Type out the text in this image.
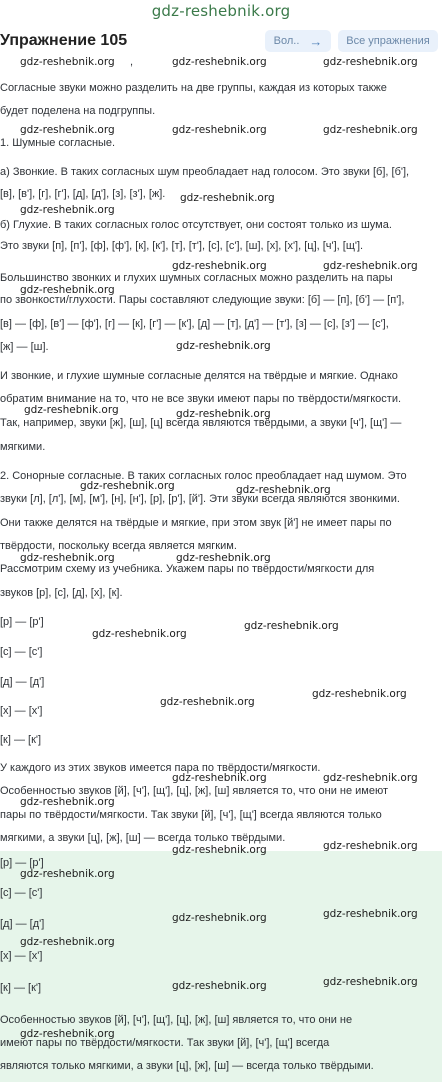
gdz-reshebnik.org
Упражнение 105	Вол.. → Все упражнения
Согласные звуки можно разделить на две группы, каждая из которых также
будет поделена на подгруппы.
1. Шумные согласные.
а) Звонкие. В таких согласных шум преобладает над голосом. Это звуки [б], [б'],
[в], [в'], [г], [г'], [д], [д'], [з], [з'], [ж].
б) Глухие. В таких согласных голос отсутствует, они состоят только из шума.
Это звуки [п], [п'], [ф], [ф'], [к], [к'], [т], [т'], [с], [с'], [ш], [х], [х'], [ц], [ч'], [щ'].
Большинство звонких и глухих шумных согласных можно разделить на пары
по звонкости/глухости. Пары составляют следующие звуки: [б] — [п], [б'] — [п'],
[в] — [ф], [в'] — [ф'], [г] — [к], [г'] — [к'], [д] — [т], [д'] — [т'], [з] — [с], [з'] — [с'],
[ж] — [ш].
И звонкие, и глухие шумные согласные делятся на твёрдые и мягкие. Однако
обратим внимание на то, что не все звуки имеют пары по твёрдости/мягкости.
Так, например, звуки [ж], [ш], [ц] всегда являются твёрдыми, а звуки [ч'], [щ'] —
мягкими.
2. Сонорные согласные. В таких согласных голос преобладает над шумом. Это
звуки [л], [л'], [м], [м'], [н], [н'], [р], [р'], [й']. Эти звуки всегда являются звонкими.
Они также делятся на твёрдые и мягкие, при этом звук [й'] не имеет пары по
твёрдости, поскольку всегда является мягким.
Рассмотрим схему из учебника. Укажем пары по твёрдости/мягкости для
звуков [р], [с], [д], [х], [к].
[р] — [р']
[с] — [с']
[д] — [д']
[х] — [х']
[к] — [к']
У каждого из этих звуков имеется пара по твёрдости/мягкости.
Особенностью звуков [й], [ч'], [щ'], [ц], [ж], [ш] является то, что они не имеют
пары по твёрдости/мягкости. Так звуки [й], [ч'], [щ'] всегда являются только
мягкими, а звуки [ц], [ж], [ш] — всегда только твёрдыми.
[р] — [р']
[с] — [с']
[д] — [д']
[х] — [х']
[к] — [к']
Особенностью звуков [й], [ч'], [щ'], [ц], [ж], [ш] является то, что они не
имеют пары по твёрдости/мягкости. Так звуки [й], [ч'], [щ'] всегда
являются только мягкими, а звуки [ц], [ж], [ш] — всегда только твёрдыми.
,
gdz-reshebnik.org	gdz-reshebnik.org	gdz-reshebnik.org
gdz-reshebnik.org	gdz-reshebnik.org	gdz-reshebnik.org
gdz-reshebnik.org
gdz-reshebnik.org
gdz-reshebnik.org	gdz-reshebnik.org
gdz-reshebnik.org
gdz-reshebnik.org
gdz-reshebnik.org	gdz-reshebnik.org
gdz-reshebnik.org	gdz-reshebnik.org
gdz-reshebnik.org	gdz-reshebnik.org
gdz-reshebnik.org
gdz-reshebnik.org
gdz-reshebnik.org
gdz-reshebnik.org
gdz-reshebnik.org	gdz-reshebnik.org
gdz-reshebnik.org
gdz-reshebnik.org	gdz-reshebnik.org
gdz-reshebnik.org
gdz-reshebnik.org	gdz-reshebnik.org
gdz-reshebnik.org
gdz-reshebnik.org	gdz-reshebnik.org
gdz-reshebnik.org
